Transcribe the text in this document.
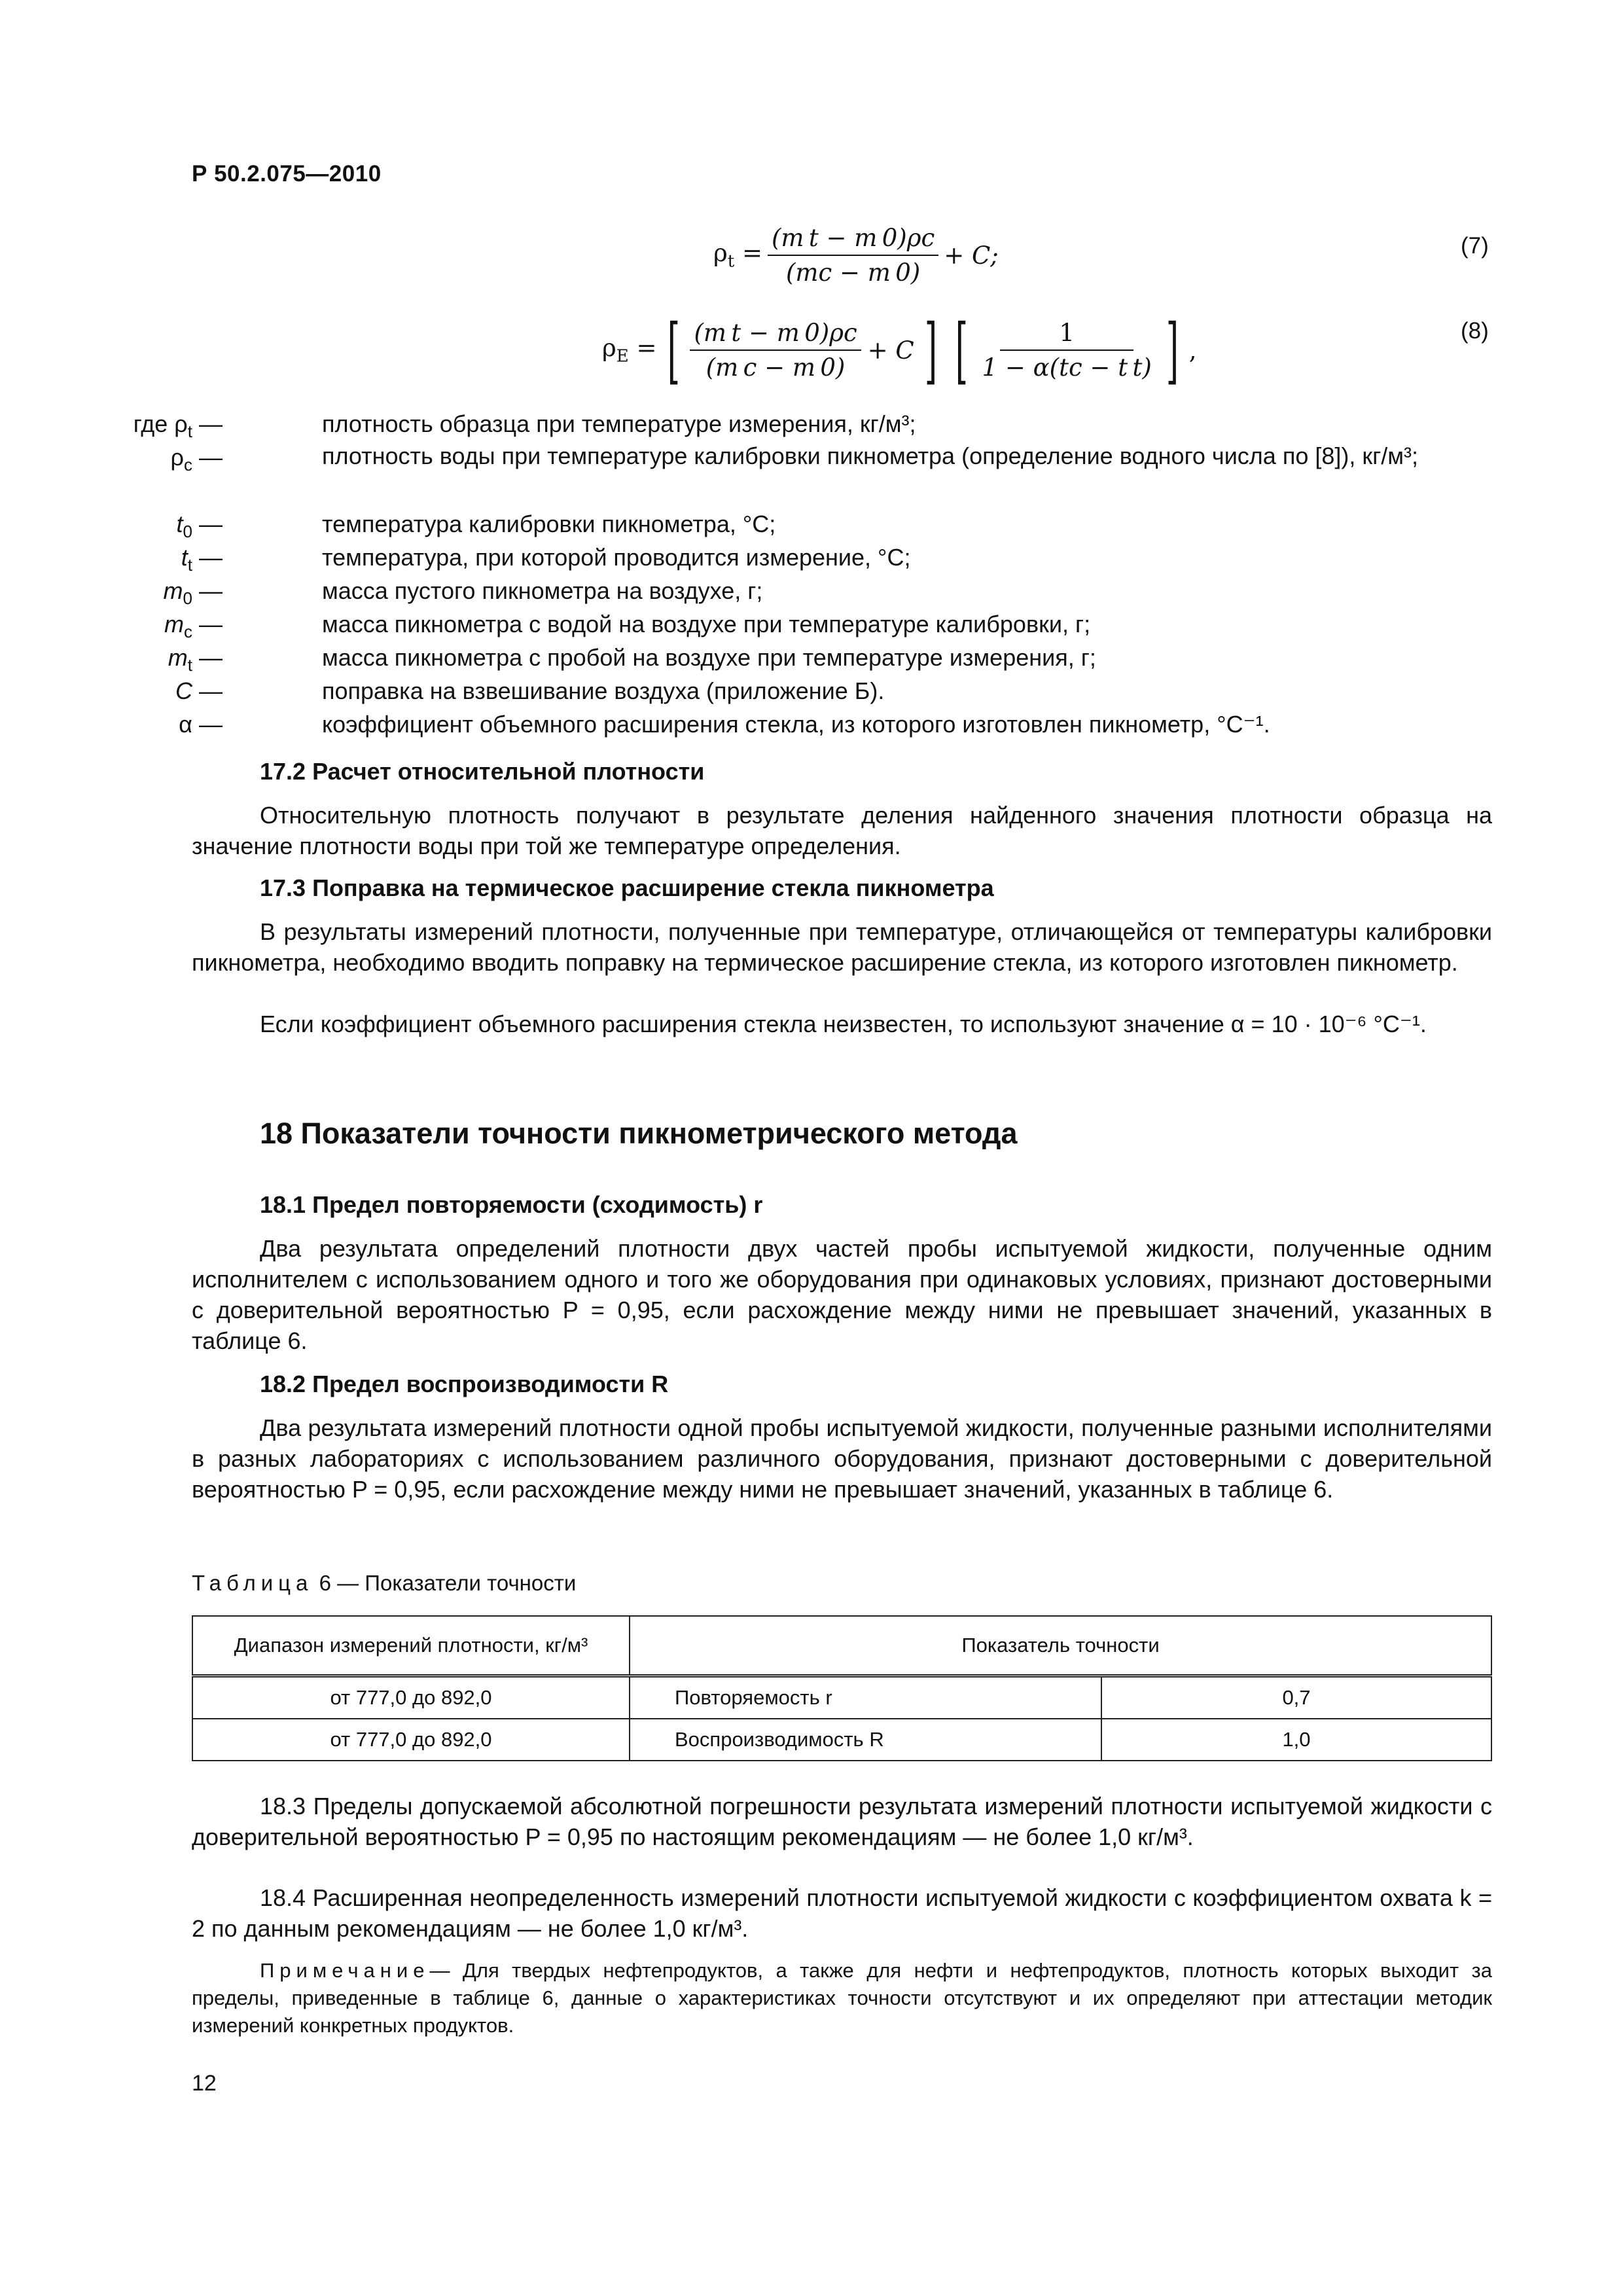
Р 50.2.075—2010
$\rho_t = \frac{\text{(m t − m 0)ρc}}{(mc - m 0)} + C$;	(7)
$\rho_E$ = [ $\frac{\text{(m t − m 0)ρc}}{\text{(m c − m 0)}} + C$ ] [ $\frac{1}{\text{1 − α(tc − t t)}}$ ] ,
(8)
где $\rho_t$ —	плотность образца при температуре измерения, кг/м³;
$\rho_c$ —	плотность воды при температуре калибровки пикнометра (определение водного числа по [8]), кг/м³;
$t_0$ —	температура калибровки пикнометра, °С;
$t_t$ —	температура, при которой проводится измерение, °С;
$m_0$ —	масса пустого пикнометра на воздухе, г;
$m_c$ —	масса пикнометра с водой на воздухе при температуре калибровки, г;
$m_t$ —	масса пикнометра с пробой на воздухе при температуре измерения, г;
C —	поправка на взвешивание воздуха (приложение Б).
α —	коэффициент объемного расширения стекла, из которого изготовлен пикнометр, °С⁻¹.
17.2 Расчет относительной плотности
Относительную плотность получают в результате деления найденного значения плотности образца на значение плотности воды при той же температуре определения.
17.3 Поправка на термическое расширение стекла пикнометра
В результаты измерений плотности, полученные при температуре, отличающейся от температуры калибровки пикнометра, необходимо вводить поправку на термическое расширение стекла, из которого изготовлен пикнометр.
Если коэффициент объемного расширения стекла неизвестен, то используют значение α = 10 · 10⁻⁶ °С⁻¹.
18 Показатели точности пикнометрического метода
18.1 Предел повторяемости (сходимость) r
Два результата определений плотности двух частей пробы испытуемой жидкости, полученные одним исполнителем с использованием одного и того же оборудования при одинаковых условиях, признают достоверными с доверительной вероятностью P = 0,95, если расхождение между ними не превышает значений, указанных в таблице 6.
18.2 Предел воспроизводимости R
Два результата измерений плотности одной пробы испытуемой жидкости, полученные разными исполнителями в разных лабораториях с использованием различного оборудования, признают достоверными с доверительной вероятностью P = 0,95, если расхождение между ними не превышает значений, указанных в таблице 6.
Таблица 6 — Показатели точности
Диапазон измерений плотности, кг/м³	Показатель точности	
от 777,0 до 892,0	Повторяемость r	0,7
от 777,0 до 892,0	Воспроизводимость R	1,0
18.3 Пределы допускаемой абсолютной погрешности результата измерений плотности испытуемой жидкости с доверительной вероятностью P = 0,95 по настоящим рекомендациям — не более 1,0 кг/м³.
18.4 Расширенная неопределенность измерений плотности испытуемой жидкости с коэффициентом охвата k = 2 по данным рекомендациям — не более 1,0 кг/м³.
Примечание— Для твердых нефтепродуктов, а также для нефти и нефтепродуктов, плотность которых выходит за пределы, приведенные в таблице 6, данные о характеристиках точности отсутствуют и их определяют при аттестации методик измерений конкретных продуктов.
12
